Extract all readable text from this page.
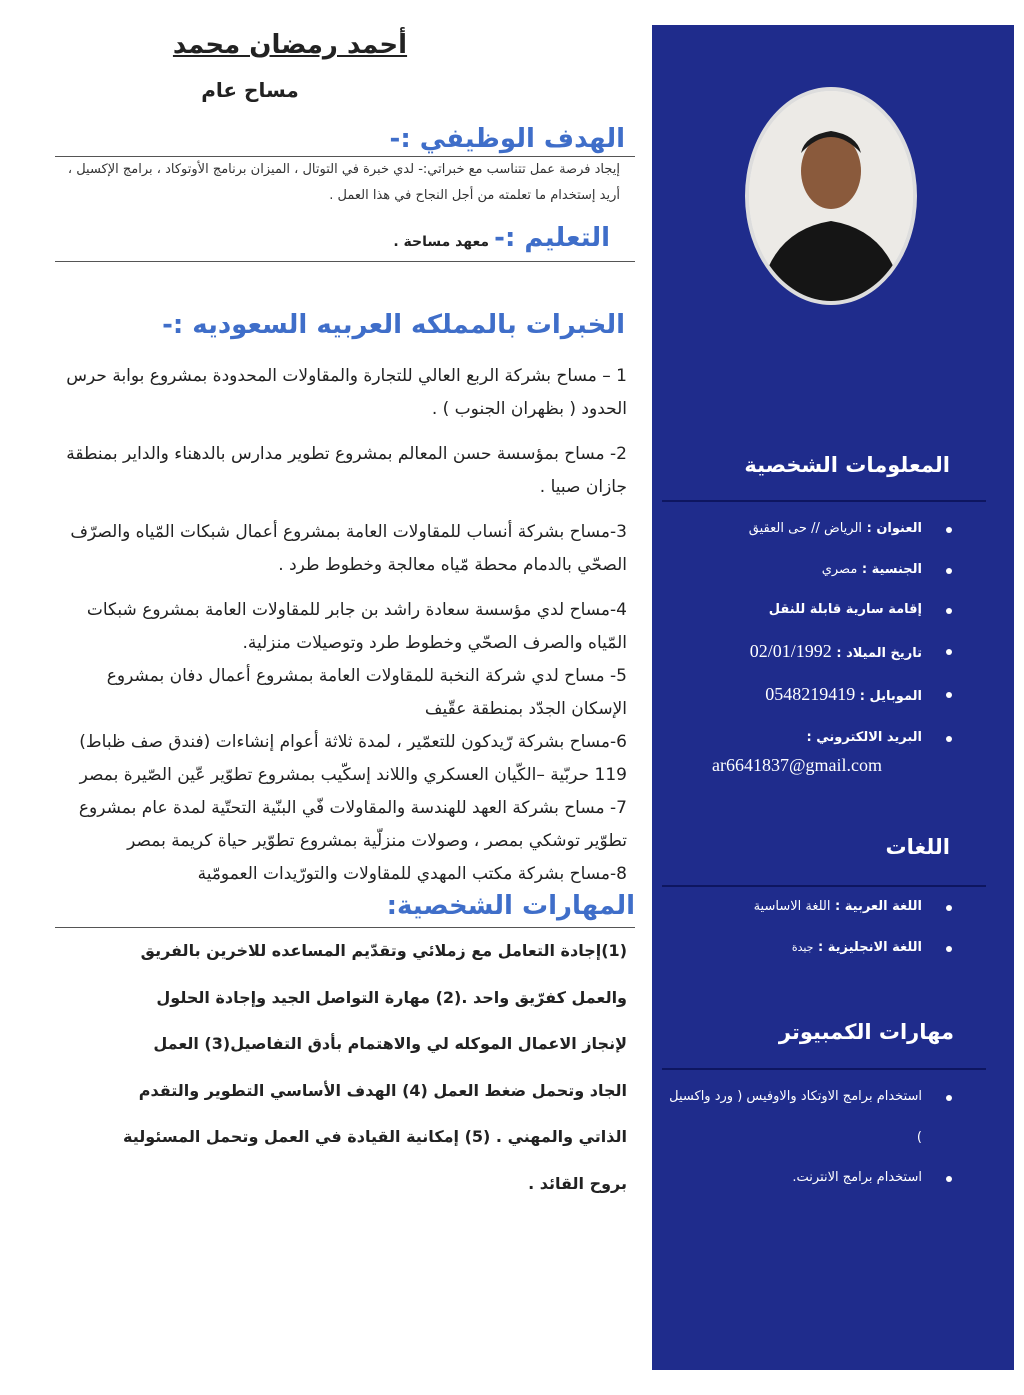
أحمد رمضان محمد
مساح عام
الهدف الوظيفي :-
إيجاد فرصة عمل تتناسب مع خبراتي:- لدي خبرة في التوتال ، الميزان برنامج الأوتوكاد ، برامج الإكسيل ، أريد إستخدام ما تعلمته من أجل النجاح في هذا العمل .
التعليم :- معهد مساحة .
الخبرات بالمملكه العربيه السعوديه :-

1 – مساح بشركة الربع العالي للتجارة والمقاولات المحدودة بمشروع بوابة حرس الحدود ( بظهران الجنوب ) .

2- مساح بمؤسسة حسن المعالم بمشروع تطوير مدارس بالدهناء والداير بمنطقة جازان صبيا .

3-مساح بشركة أنساب للمقاولات العامة بمشروع أعمال شبكات المّياه والصرّف الصحّي بالدمام محطة مّياه معالجة وخطوط طرد .

4-مساح لدي مؤسسة سعادة راشد بن جابر للمقاولات العامة بمشروع شبكات المّياه والصرف الصحّي وخطوط طرد وتوصيلات منزلية.

5- مساح لدي شركة النخبة للمقاولات العامة بمشروع أعمال دفان بمشروع الإسكان الجدّد بمنطقة عقّيف

6-مساح بشركة رّيدكون للتعمّير ، لمدة ثلاثة أعوام إنشاءات (فندق صف ظباط) 119 حربّية –الكّيان العسكري واللاند إسكّيب بمشروع تطوّير عّين الصّيرة بمصر

7- مساح بشركة العهد للهندسة والمقاولات فّي البنّية التحتّية لمدة عام بمشروع تطوّير توشكي بمصر ، وصولات منزلّية بمشروع تطوّير حياة كريمة بمصر

8-مساح بشركة مكتب المهدي للمقاولات والتورّيدات العمومّية

المهارات الشخصية:
(1)إجادة التعامل مع زملائي وتقدّيم المساعده للاخرين بالفريق والعمل كفرّيق واحد .(2) مهارة التواصل الجيد وإجادة الحلول لإنجاز الاعمال الموكله لي والاهتمام بأدق التفاصيل(3) العمل الجاد وتحمل ضغط العمل (4) الهدف الأساسي التطوير والتقدم الذاتي والمهني . (5) إمكانية القيادة في العمل وتحمل المسئولية بروح القائد .
المعلومات الشخصية
العنوان : الرياض // حى العقيق
الجنسية : مصري
إقامة سارية قابلة للنقل
تاريخ الميلاد : 02/01/1992
الموبايل : 0548219419
البريد الالكتروني :
ar6641837@gmail.com
اللغات
اللغة العربية : اللغة الاساسية
اللغة الانجليزية : جيدة
مهارات الكمبيوتر
استخدام برامج الاوتكاد والاوفيس ( ورد واكسيل )
استخدام برامج الانترنت.
